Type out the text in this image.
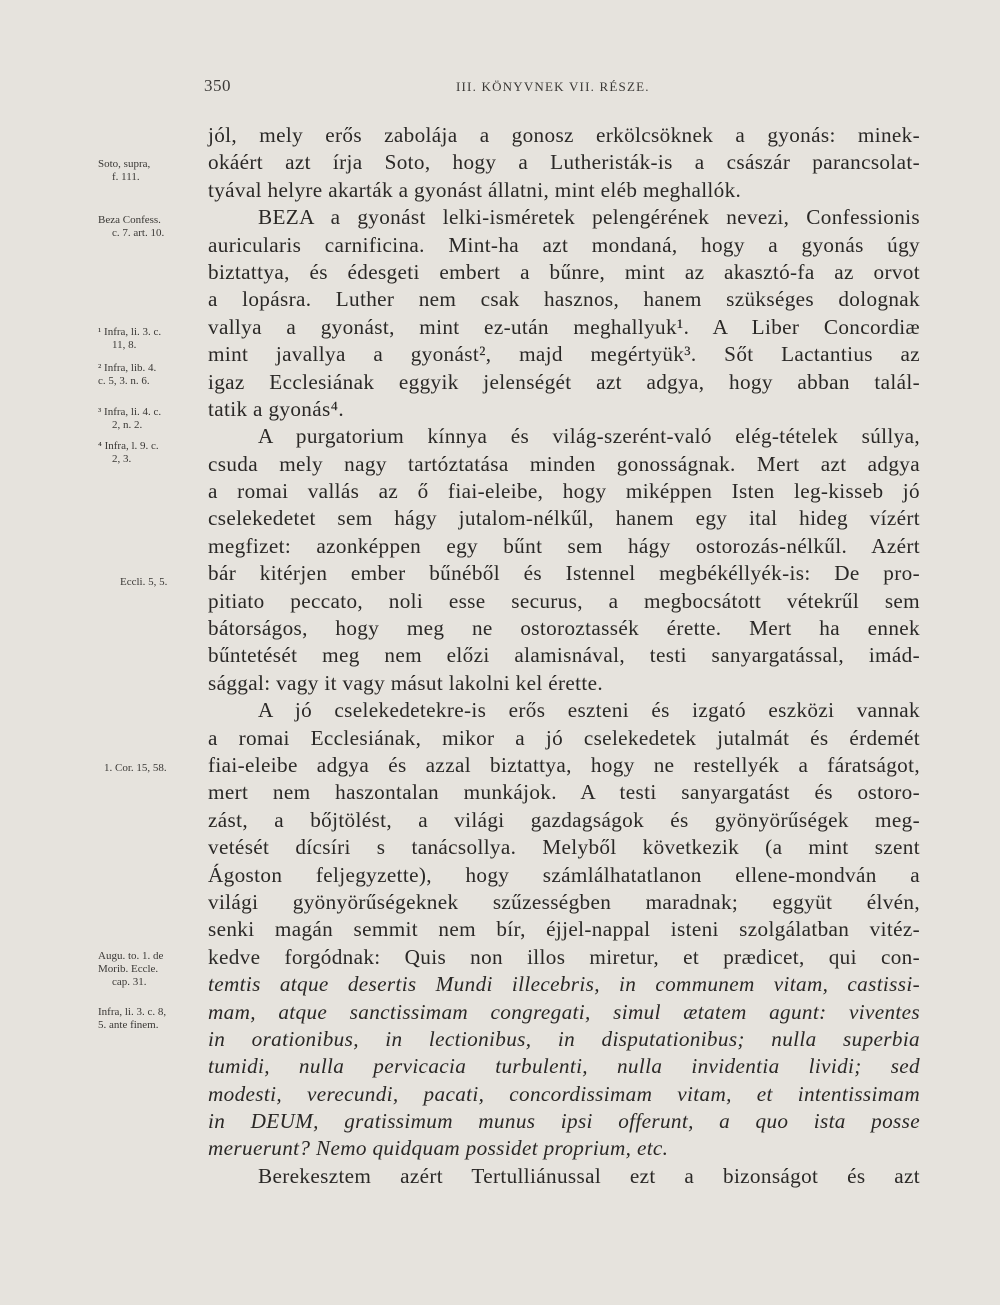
350	III. KÖNYVNEK VII. RÉSZE.
jól, mely erős zabolája a gonosz erkölcsöknek a gyonás: minek-
okáért azt írja Soto, hogy a Lutheristák-is a császár parancsolat-
tyával helyre akarták a gyonást állatni, mint eléb meghallók.
BEZA a gyonást lelki-isméretek pelengérének nevezi, Confessionis
auricularis carnificina. Mint-ha azt mondaná, hogy a gyonás úgy
biztattya, és édesgeti embert a bűnre, mint az akasztó-fa az orvot
a lopásra. Luther nem csak hasznos, hanem szükséges dolognak
vallya a gyonást, mint ez-után meghallyuk¹. A Liber Concordiæ
mint javallya a gyonást², majd megértyük³. Sőt Lactantius az
igaz Ecclesiának eggyik jelenségét azt adgya, hogy abban talál-
tatik a gyonás⁴.
A purgatorium kínnya és világ-szerént-való elég-tételek súllya,
csuda mely nagy tartóztatása minden gonosságnak. Mert azt adgya
a romai vallás az ő fiai-eleibe, hogy miképpen Isten leg-kisseb jó
cselekedetet sem hágy jutalom-nélkűl, hanem egy ital hideg vízért
megfizet: azonképpen egy bűnt sem hágy ostorozás-nélkűl. Azért
bár kitérjen ember bűnéből és Istennel megbékéllyék-is: De pro-
pitiato peccato, noli esse securus, a megbocsátott vétekrűl sem
bátorságos, hogy meg ne ostoroztassék érette. Mert ha ennek
bűntetését meg nem előzi alamisnával, testi sanyargatással, imád-
sággal: vagy it vagy másut lakolni kel érette.
A jó cselekedetekre-is erős eszteni és izgató eszközi vannak
a romai Ecclesiának, mikor a jó cselekedetek jutalmát és érdemét
fiai-eleibe adgya és azzal biztattya, hogy ne restellyék a fáratságot,
mert nem haszontalan munkájok. A testi sanyargatást és ostoro-
zást, a bőjtölést, a világi gazdagságok és gyönyörűségek meg-
vetését dícsíri s tanácsollya. Melyből következik (a mint szent
Ágoston feljegyzette), hogy számlálhatatlanon ellene-mondván a
világi gyönyörűségeknek szűzességben maradnak; eggyüt élvén,
senki magán semmit nem bír, éjjel-nappal isteni szolgálatban vitéz-
kedve forgódnak: Quis non illos miretur, et prædicet, qui con-
temtis atque desertis Mundi illecebris, in communem vitam, castissi-
mam, atque sanctissimam congregati, simul ætatem agunt: viventes
in orationibus, in lectionibus, in disputationibus; nulla superbia
tumidi, nulla pervicacia turbulenti, nulla invidentia lividi; sed
modesti, verecundi, pacati, concordissimam vitam, et intentissimam
in DEUM, gratissimum munus ipsi offerunt, a quo ista posse
meruerunt? Nemo quidquam possidet proprium, etc.
Berekesztem azért Tertulliánussal ezt a bizonságot és azt
Soto, supra,
f. 111.
Beza Confess.
c. 7. art. 10.
¹ Infra, li. 3. c.
11, 8.
² Infra, lib. 4.
c. 5, 3. n. 6.
³ Infra, li. 4. c.
2, n. 2.
⁴ Infra, l. 9. c.
2, 3.
Eccli. 5, 5.
1. Cor. 15, 58.
Augu. to. 1. de
Morib. Eccle.
cap. 31.
Infra, li. 3. c. 8,
5. ante finem.
